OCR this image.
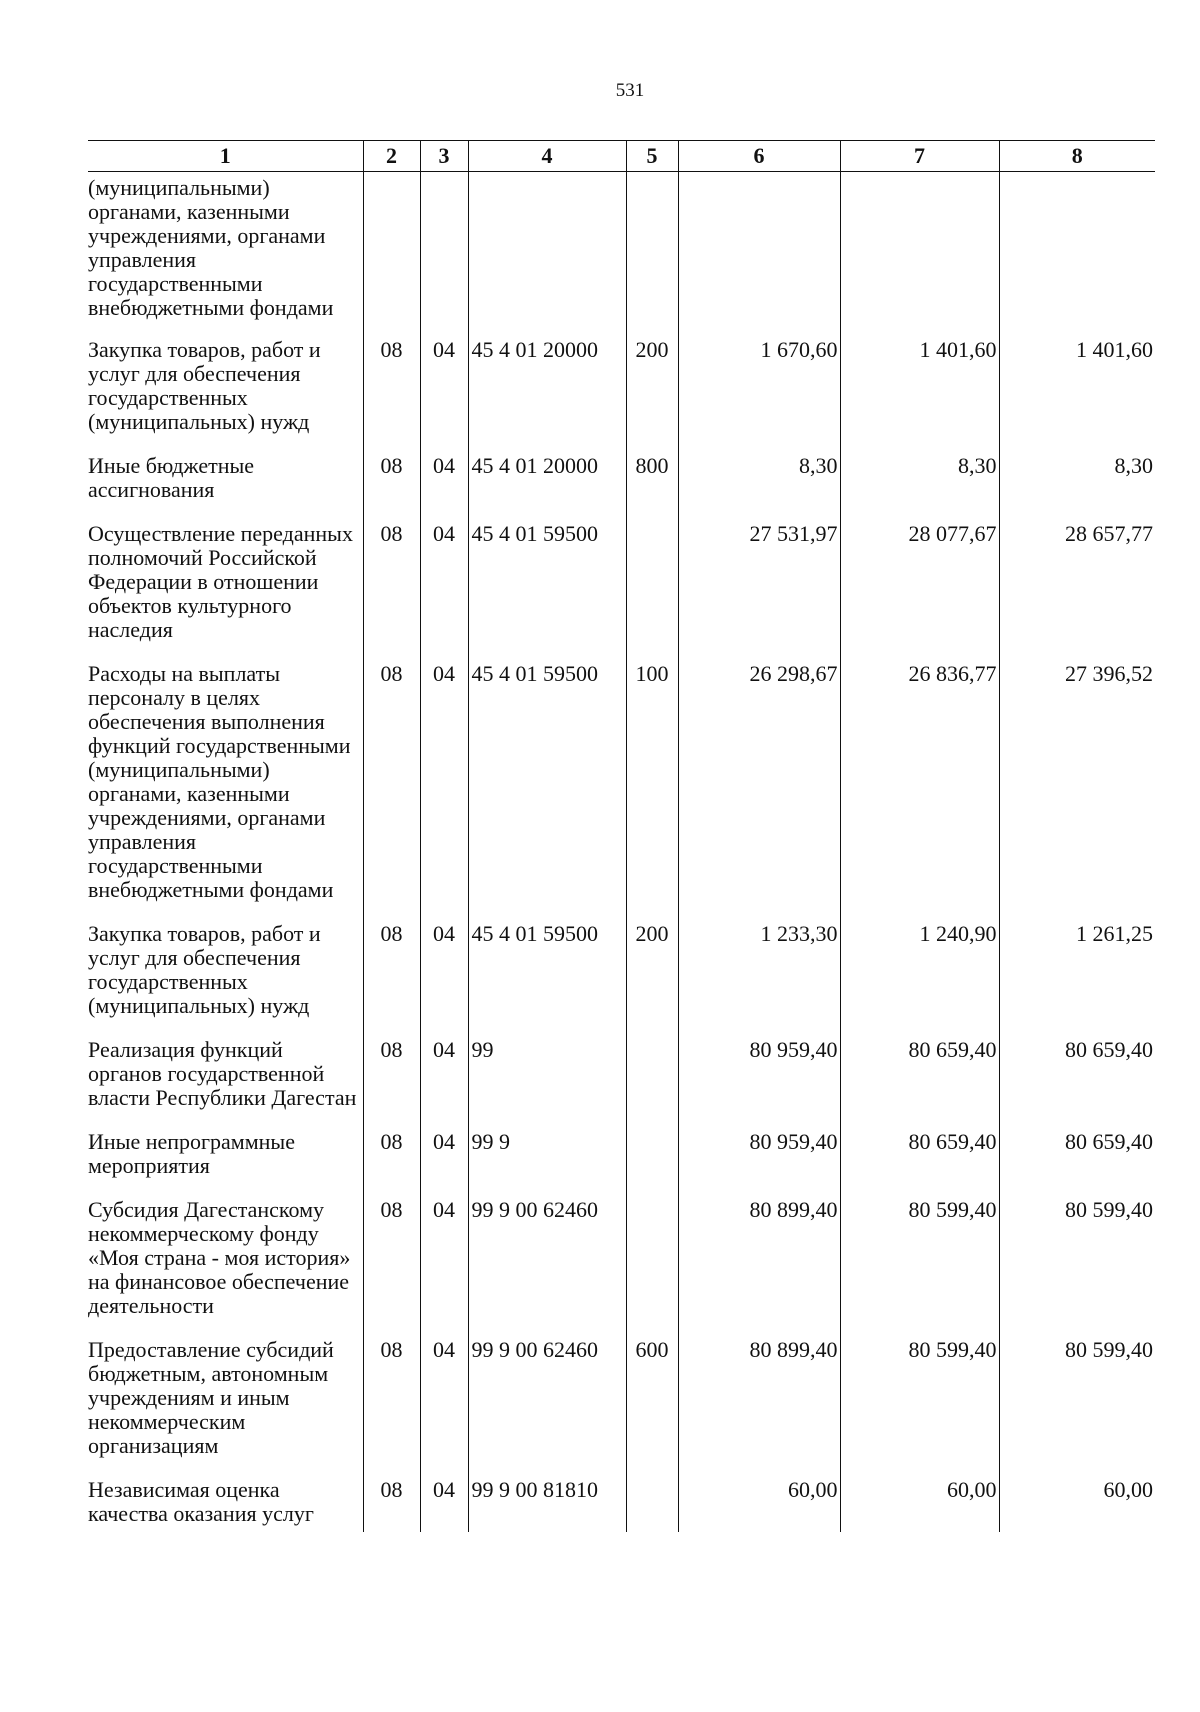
531
1	2	3	4	5	6	7	8
(муниципальными) органами, казенными учреждениями, органами управления государственными внебюджетными фондами							
Закупка товаров, работ и услуг для обеспечения государственных (муниципальных) нужд	08	04	45 4 01 20000	200	1 670,60	1 401,60	1 401,60
Иные бюджетные ассигнования	08	04	45 4 01 20000	800	8,30	8,30	8,30
Осуществление переданных полномочий Российской Федерации в отношении объектов культурного наследия	08	04	45 4 01 59500		27 531,97	28 077,67	28 657,77
Расходы на выплаты персоналу в целях обеспечения выполнения функций государственными (муниципальными) органами, казенными учреждениями, органами управления государственными внебюджетными фондами	08	04	45 4 01 59500	100	26 298,67	26 836,77	27 396,52
Закупка товаров, работ и услуг для обеспечения государственных (муниципальных) нужд	08	04	45 4 01 59500	200	1 233,30	1 240,90	1 261,25
Реализация функций органов государственной власти Республики Дагестан	08	04	99		80 959,40	80 659,40	80 659,40
Иные непрограммные мероприятия	08	04	99 9		80 959,40	80 659,40	80 659,40
Субсидия Дагестанскому некоммерческому фонду «Моя страна - моя история» на финансовое обеспечение деятельности	08	04	99 9 00 62460		80 899,40	80 599,40	80 599,40
Предоставление субсидий бюджетным, автономным учреждениям и иным некоммерческим организациям	08	04	99 9 00 62460	600	80 899,40	80 599,40	80 599,40
Независимая оценка качества оказания услуг	08	04	99 9 00 81810		60,00	60,00	60,00
